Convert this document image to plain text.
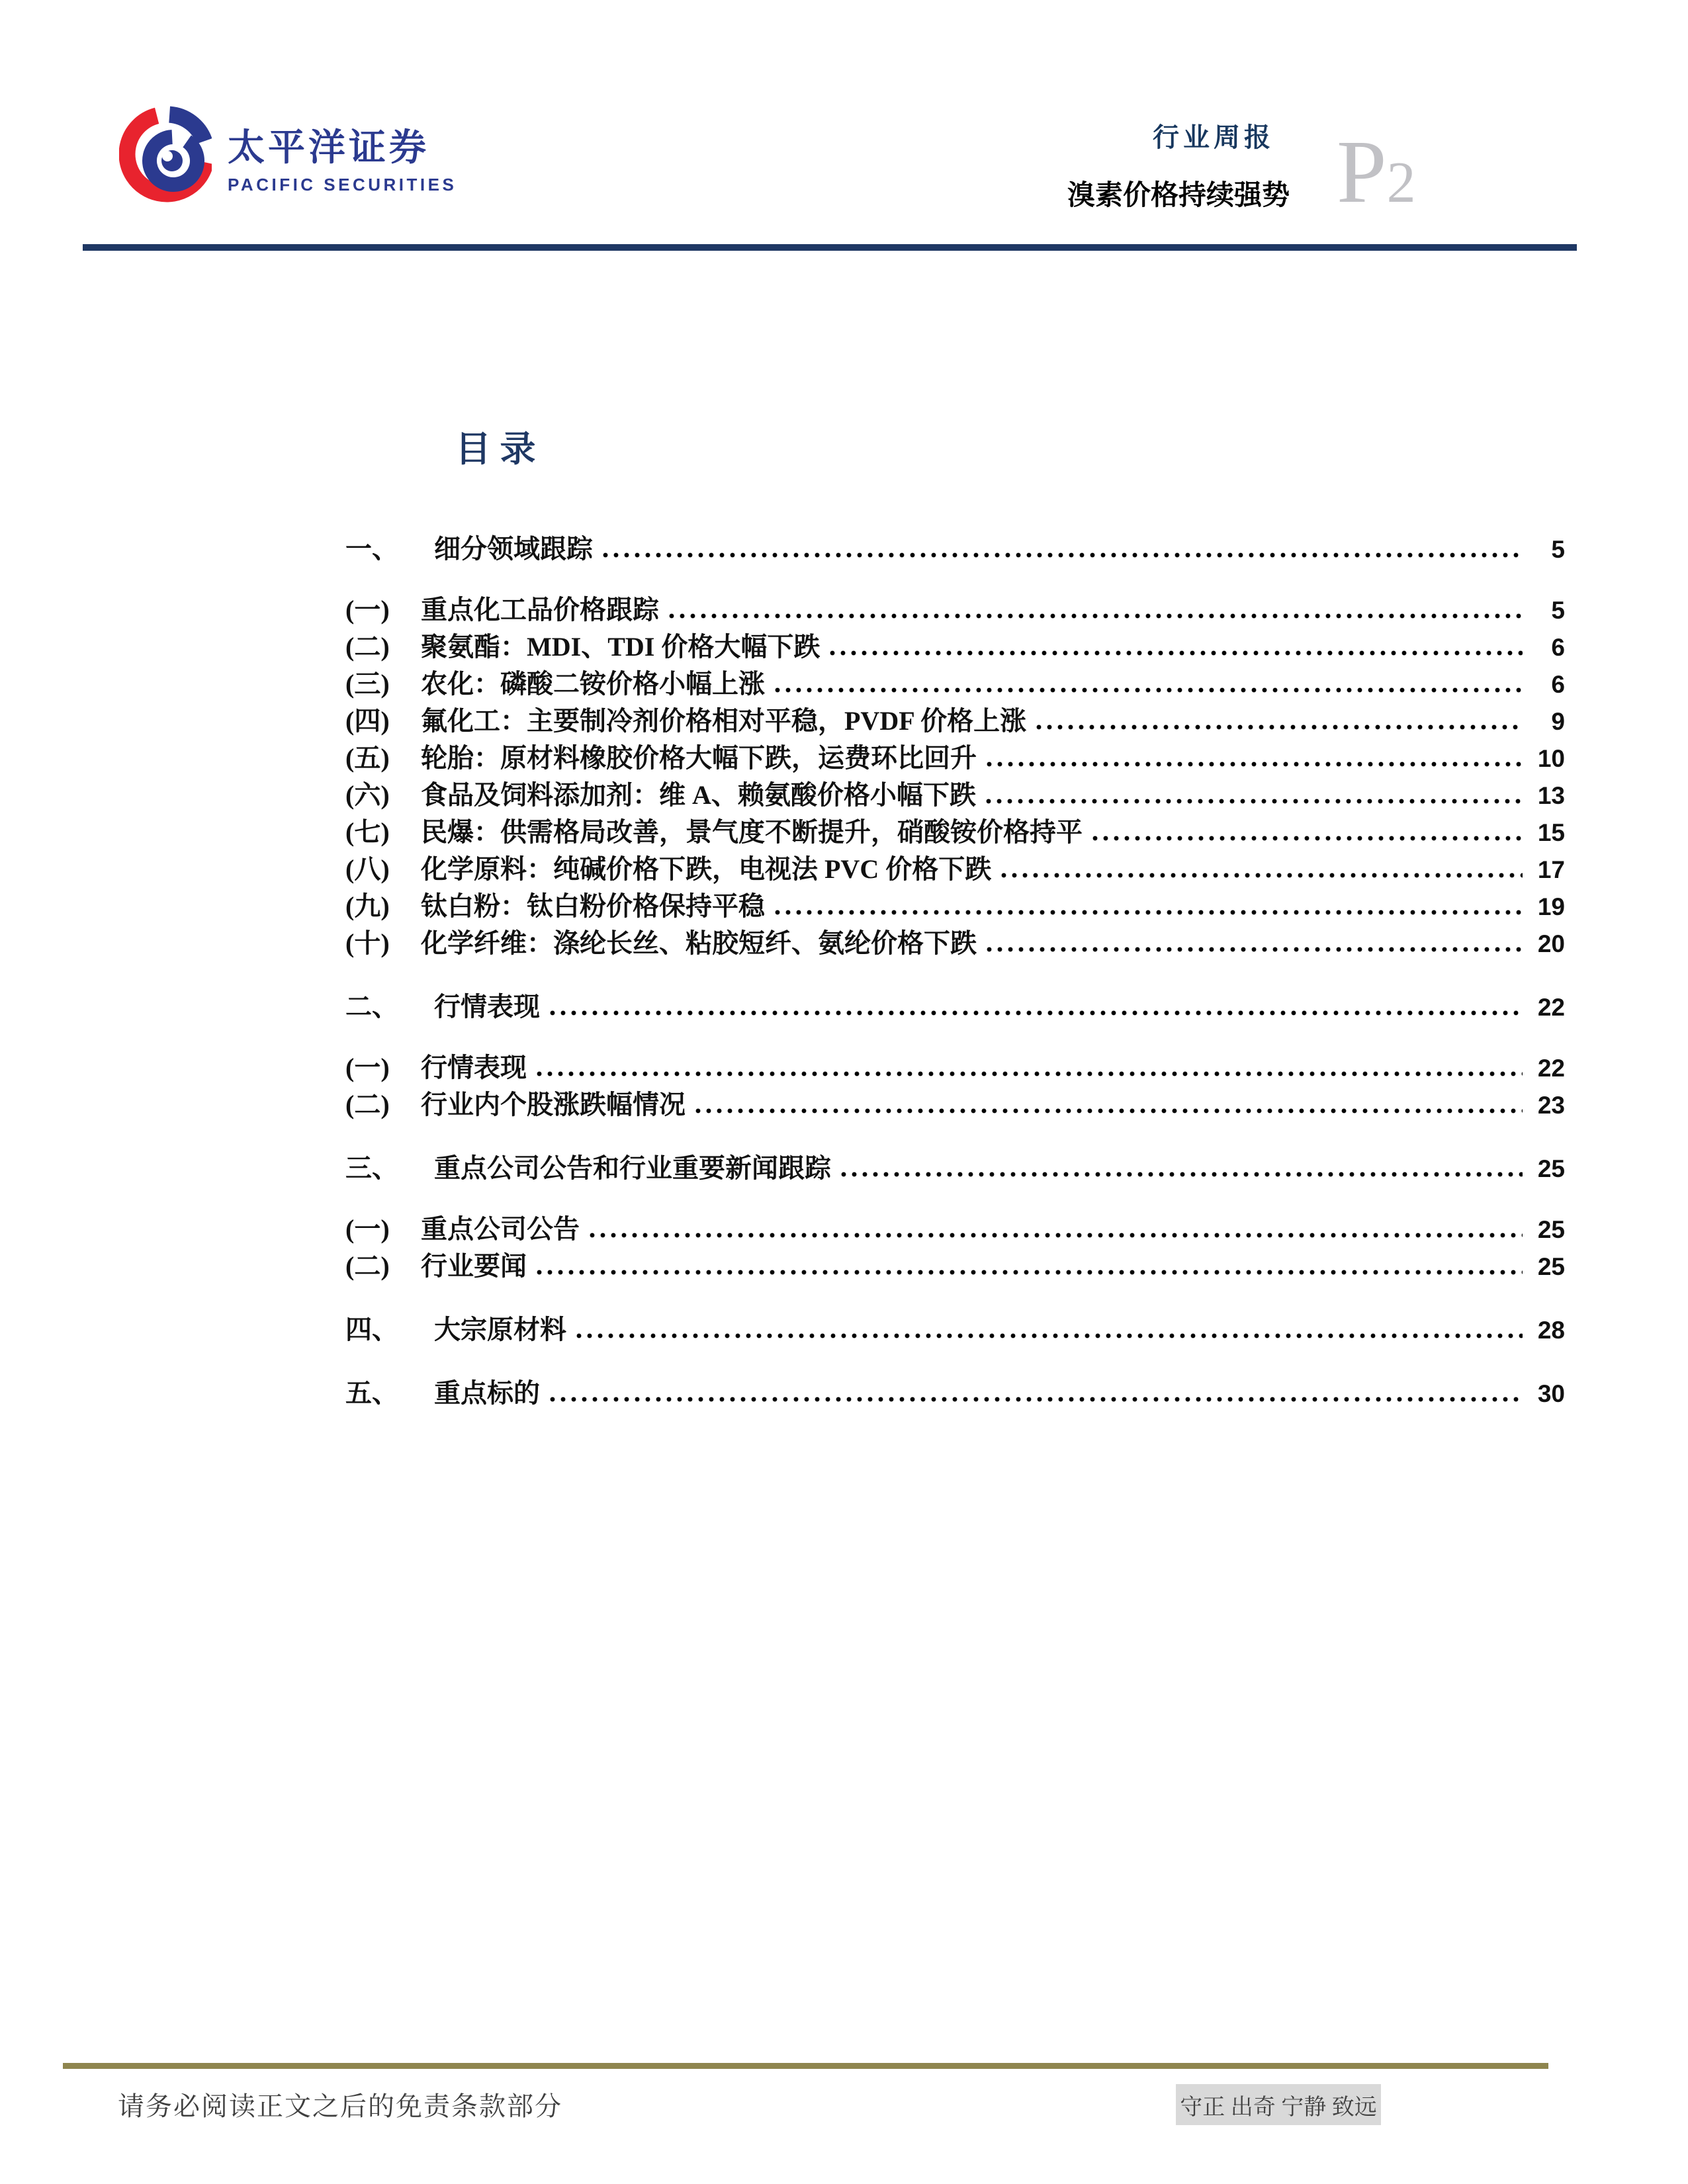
太平洋证券
PACIFIC SECURITIES
行业周报
溴素价格持续强势 P 2
目 录
一、	细分领域跟踪	5
(一)	重点化工品价格跟踪	5
(二)	聚氨酯：MDI、TDI 价格大幅下跌	6
(三)	农化：磷酸二铵价格小幅上涨	6
(四)	氟化工：主要制冷剂价格相对平稳，PVDF 价格上涨	9
(五)	轮胎：原材料橡胶价格大幅下跌，运费环比回升	10
(六)	食品及饲料添加剂：维 A、赖氨酸价格小幅下跌	13
(七)	民爆：供需格局改善，景气度不断提升，硝酸铵价格持平	15
(八)	化学原料：纯碱价格下跌，电视法 PVC 价格下跌	17
(九)	钛白粉：钛白粉价格保持平稳	19
(十)	化学纤维：涤纶长丝、粘胶短纤、氨纶价格下跌	20
二、	行情表现	22
(一)	行情表现	22
(二)	行业内个股涨跌幅情况	23
三、	重点公司公告和行业重要新闻跟踪	25
(一)	重点公司公告	25
(二)	行业要闻	25
四、	大宗原材料	28
五、	重点标的	30
请务必阅读正文之后的免责条款部分	守正 出奇 宁静 致远
